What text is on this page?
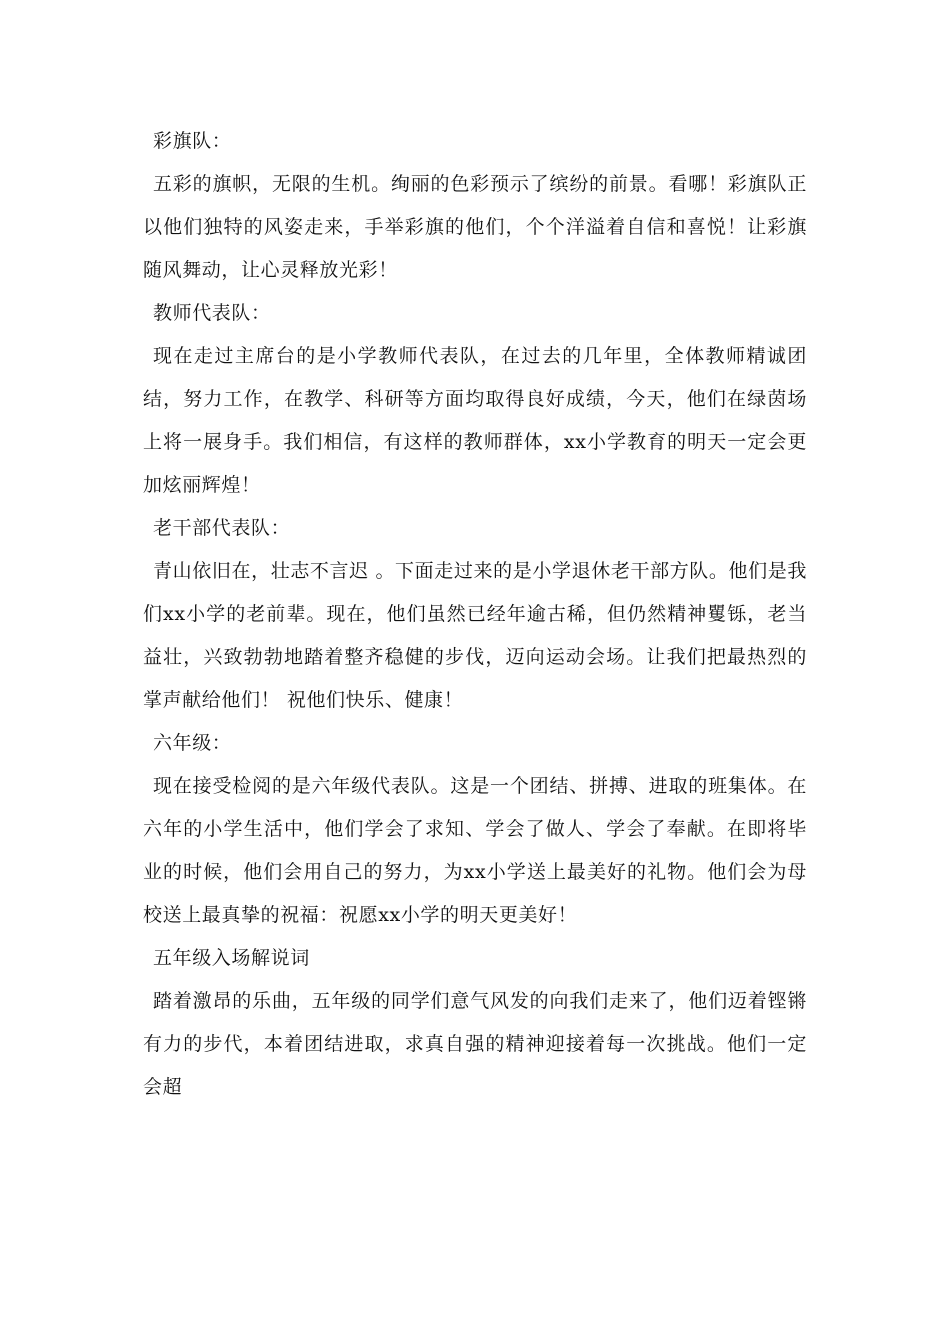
彩旗队：

五彩的旗帜，无限的生机。绚丽的色彩预示了缤纷的前景。看哪！彩旗队正以他们独特的风姿走来，手举彩旗的他们，个个洋溢着自信和喜悦！让彩旗随风舞动，让心灵释放光彩！

教师代表队：

现在走过主席台的是小学教师代表队，在过去的几年里，全体教师精诚团结，努力工作，在教学、科研等方面均取得良好成绩，今天，他们在绿茵场上将一展身手。我们相信，有这样的教师群体，xx小学教育的明天一定会更加炫丽辉煌！

老干部代表队：

青山依旧在，壮志不言迟 。下面走过来的是小学退休老干部方队。他们是我们xx小学的老前辈。现在，他们虽然已经年逾古稀，但仍然精神矍铄，老当益壮，兴致勃勃地踏着整齐稳健的步伐，迈向运动会场。让我们把最热烈的掌声献给他们！ 祝他们快乐、健康！

六年级：

现在接受检阅的是六年级代表队。这是一个团结、拼搏、进取的班集体。在六年的小学生活中，他们学会了求知、学会了做人、学会了奉献。在即将毕业的时候，他们会用自己的努力，为xx小学送上最美好的礼物。他们会为母校送上最真挚的祝福：祝愿xx小学的明天更美好！

五年级入场解说词

踏着激昂的乐曲，五年级的同学们意气风发的向我们走来了，他们迈着铿锵有力的步代，本着团结进取，求真自强的精神迎接着每一次挑战。他们一定会超
